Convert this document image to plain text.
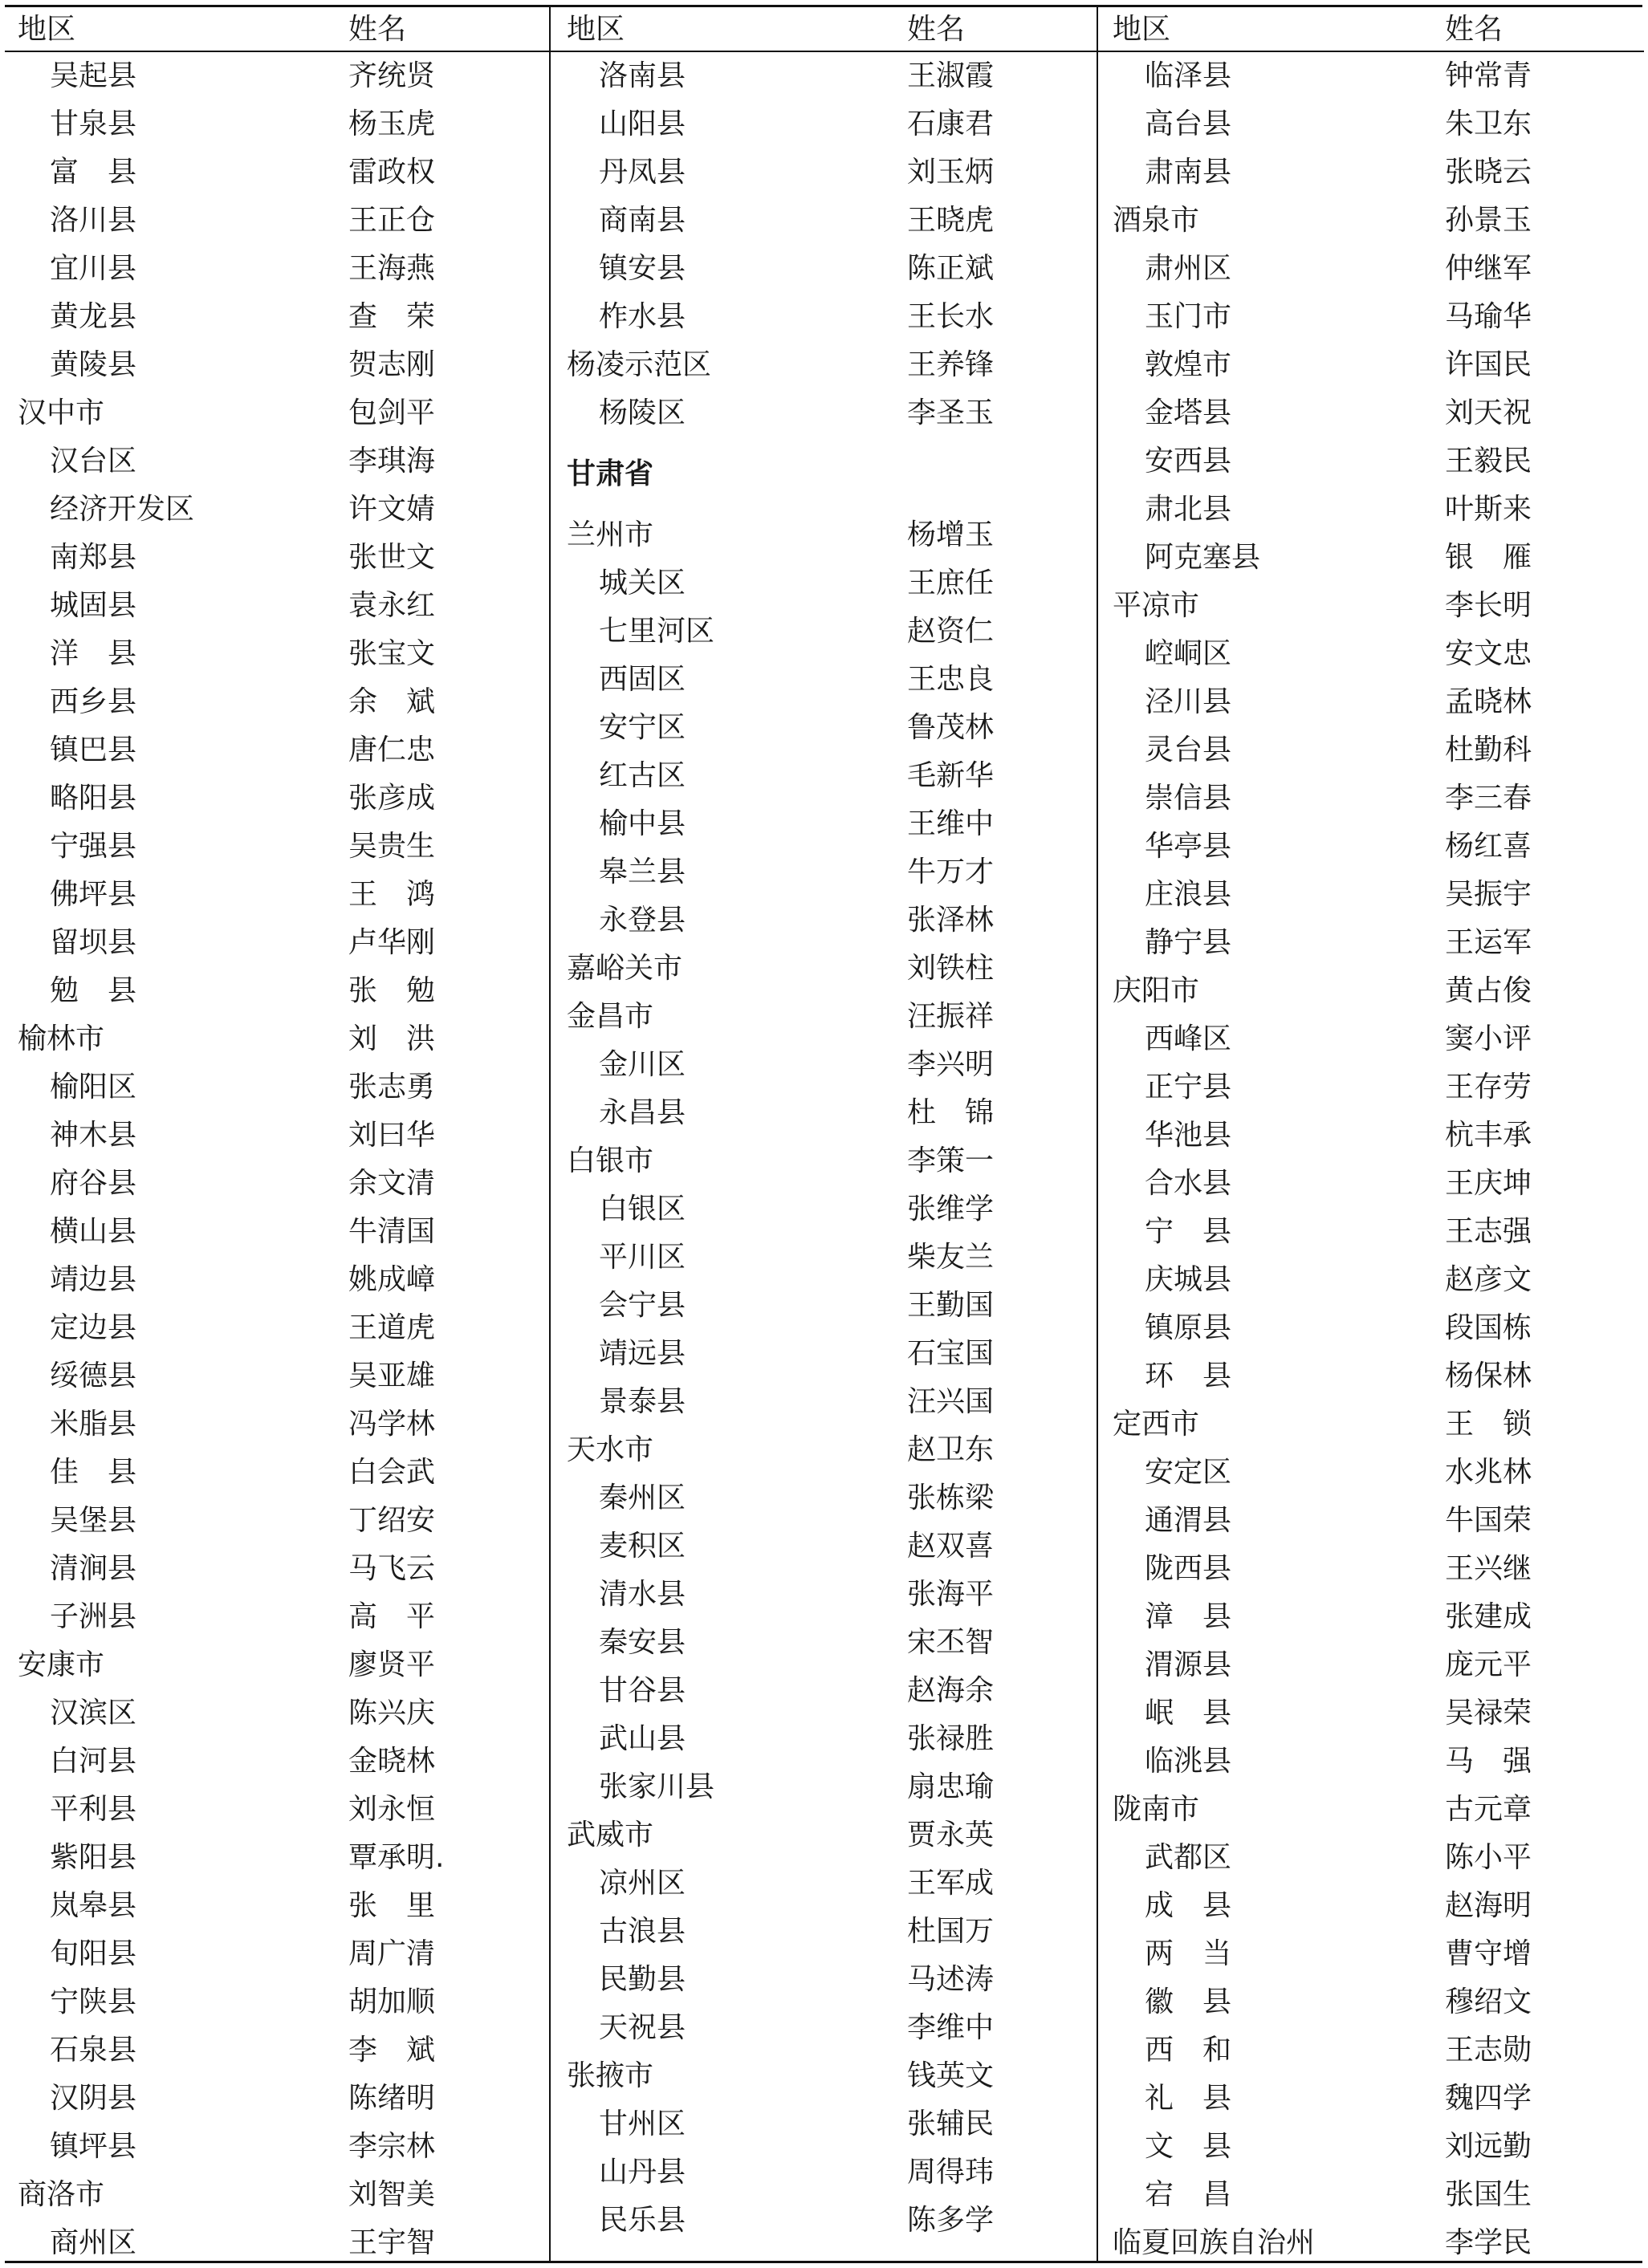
地区	姓名
吴起县	齐统贤
甘泉县	杨玉虎
富　县	雷政权
洛川县	王正仓
宜川县	王海燕
黄龙县	查　荣
黄陵县	贺志刚
汉中市	包剑平
汉台区	李琪海
经济开发区	许文婧
南郑县	张世文
城固县	袁永红
洋　县	张宝文
西乡县	余　斌
镇巴县	唐仁忠
略阳县	张彦成
宁强县	吴贵生
佛坪县	王　鸿
留坝县	卢华刚
勉　县	张　勉
榆林市	刘　洪
榆阳区	张志勇
神木县	刘曰华
府谷县	余文清
横山县	牛清国
靖边县	姚成嶂
定边县	王道虎
绥德县	吴亚雄
米脂县	冯学林
佳　县	白会武
吴堡县	丁绍安
清涧县	马飞云
子洲县	高　平
安康市	廖贤平
汉滨区	陈兴庆
白河县	金晓林
平利县	刘永恒
紫阳县	覃承明.
岚皋县	张　里
旬阳县	周广清
宁陕县	胡加顺
石泉县	李　斌
汉阴县	陈绪明
镇坪县	李宗林
商洛市	刘智美
商州区	王宇智
地区	姓名
洛南县	王淑霞
山阳县	石康君
丹凤县	刘玉炳
商南县	王晓虎
镇安县	陈正斌
柞水县	王长水
杨凌示范区	王养锋
杨陵区	李圣玉
甘肃省
兰州市	杨增玉
城关区	王庶任
七里河区	赵资仁
西固区	王忠良
安宁区	鲁茂林
红古区	毛新华
榆中县	王维中
皋兰县	牛万才
永登县	张泽林
嘉峪关市	刘铁柱
金昌市	汪振祥
金川区	李兴明
永昌县	杜　锦
白银市	李策一
白银区	张维学
平川区	柴友兰
会宁县	王勤国
靖远县	石宝国
景泰县	汪兴国
天水市	赵卫东
秦州区	张栋梁
麦积区	赵双喜
清水县	张海平
秦安县	宋丕智
甘谷县	赵海余
武山县	张禄胜
张家川县	扇忠瑜
武威市	贾永英
凉州区	王军成
古浪县	杜国万
民勤县	马述涛
天祝县	李维中
张掖市	钱英文
甘州区	张辅民
山丹县	周得玮
民乐县	陈多学
地区	姓名
临泽县	钟常青
高台县	朱卫东
肃南县	张晓云
酒泉市	孙景玉
肃州区	仲继军
玉门市	马瑜华
敦煌市	许国民
金塔县	刘天祝
安西县	王毅民
肃北县	叶斯来
阿克塞县	银　雁
平凉市	李长明
崆峒区	安文忠
泾川县	孟晓林
灵台县	杜勤科
崇信县	李三春
华亭县	杨红喜
庄浪县	吴振宇
静宁县	王运军
庆阳市	黄占俊
西峰区	窦小评
正宁县	王存劳
华池县	杭丰承
合水县	王庆坤
宁　县	王志强
庆城县	赵彦文
镇原县	段国栋
环　县	杨保林
定西市	王　锁
安定区	水兆林
通渭县	牛国荣
陇西县	王兴继
漳　县	张建成
渭源县	庞元平
岷　县	吴禄荣
临洮县	马　强
陇南市	古元章
武都区	陈小平
成　县	赵海明
两　当	曹守增
徽　县	穆绍文
西　和	王志勋
礼　县	魏四学
文　县	刘远勤
宕　昌	张国生
临夏回族自治州	李学民
